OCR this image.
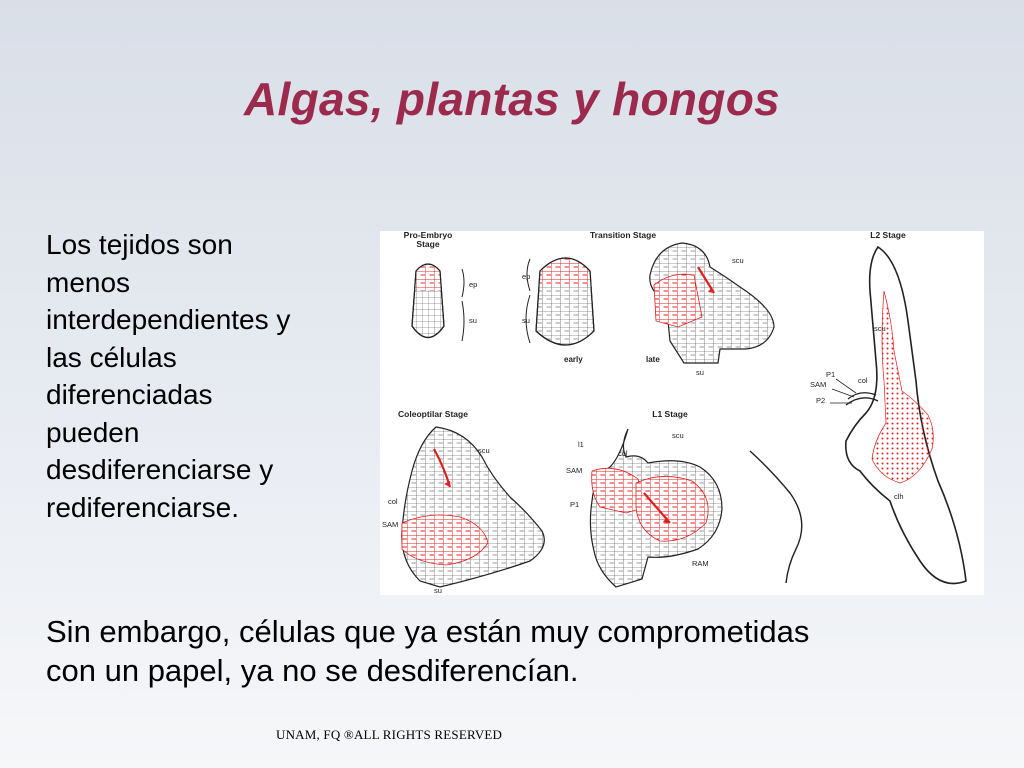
Algas, plantas y hongos
Los tejidos son
menos
interdependientes y
las células
diferenciadas
pueden
desdiferenciarse y
rediferenciarse.
Pro-Embryo
Stage
Transition Stage	L2 Stage
Coleoptilar Stage	L1 Stage
ep
su
ep
su
early
scu
late
su
scu
P1
SAM
P2
col
clh
scu
col
SAM
su
scu
l1
col
SAM
P1
RAM
Sin embargo, células que ya están muy comprometidas
con un papel, ya no se desdiferencían.
UNAM, FQ ®ALL RIGHTS RESERVED
